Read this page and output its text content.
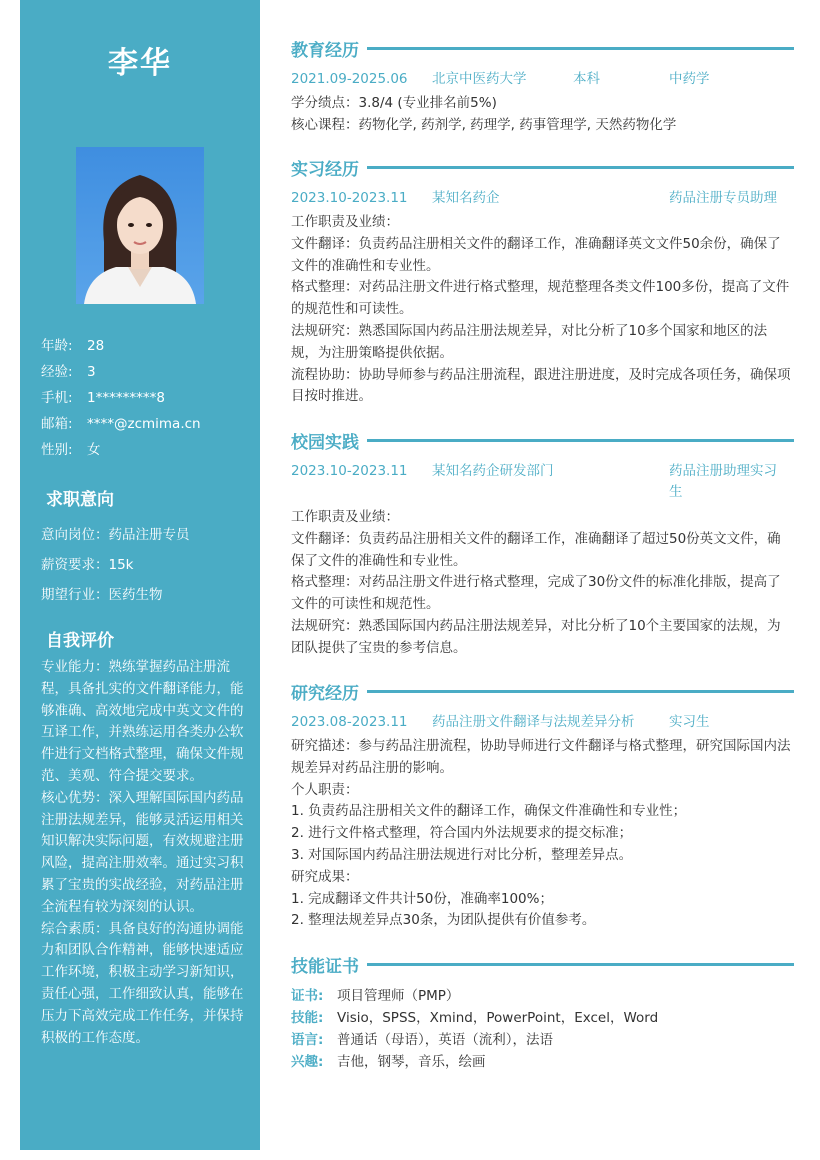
李华
年龄: 28
经验: 3
手机: 1*********8
邮箱: ****@zcmima.cn
性别: 女
求职意向
意向岗位：药品注册专员
薪资要求：15k
期望行业：医药生物
自我评价

专业能力：熟练掌握药品注册流程，具备扎实的文件翻译能力，能够准确、高效地完成中英文文件的互译工作，并熟练运用各类办公软件进行文档格式整理，确保文件规范、美观、符合提交要求。

核心优势：深入理解国际国内药品注册法规差异，能够灵活运用相关知识解决实际问题，有效规避注册风险，提高注册效率。通过实习积累了宝贵的实战经验，对药品注册全流程有较为深刻的认识。

综合素质：具备良好的沟通协调能力和团队合作精神，能够快速适应工作环境，积极主动学习新知识，责任心强，工作细致认真，能够在压力下高效完成工作任务，并保持积极的工作态度。

教育经历
2021.09-2025.06 北京中医药大学	本科	中药学

学分绩点：3.8/4 (专业排名前5%)

核心课程：药物化学, 药剂学, 药理学, 药事管理学, 天然药物化学

实习经历
2023.10-2023.11 某知名药企	药品注册专员助理

工作职责及业绩：

文件翻译：负责药品注册相关文件的翻译工作，准确翻译英文文件50余份，确保了文件的准确性和专业性。

格式整理：对药品注册文件进行格式整理，规范整理各类文件100多份，提高了文件的规范性和可读性。

法规研究：熟悉国际国内药品注册法规差异，对比分析了10多个国家和地区的法规，为注册策略提供依据。

流程协助：协助导师参与药品注册流程，跟进注册进度，及时完成各项任务，确保项目按时推进。

校园实践
2023.10-2023.11 某知名药企研发部门	药品注册助理实习生

工作职责及业绩：

文件翻译：负责药品注册相关文件的翻译工作，准确翻译了超过50份英文文件，确保了文件的准确性和专业性。

格式整理：对药品注册文件进行格式整理，完成了30份文件的标准化排版，提高了文件的可读性和规范性。

法规研究：熟悉国际国内药品注册法规差异，对比分析了10个主要国家的法规，为团队提供了宝贵的参考信息。

研究经历
2023.08-2023.11 药品注册文件翻译与法规差异分析	实习生

研究描述：参与药品注册流程，协助导师进行文件翻译与格式整理，研究国际国内法规差异对药品注册的影响。

个人职责：

1. 负责药品注册相关文件的翻译工作，确保文件准确性和专业性；

2. 进行文件格式整理，符合国内外法规要求的提交标准；

3. 对国际国内药品注册法规进行对比分析，整理差异点。

研究成果：

1. 完成翻译文件共计50份，准确率100%；

2. 整理法规差异点30条，为团队提供有价值参考。

技能证书
证书: 项目管理师（PMP）
技能: Visio，SPSS，Xmind，PowerPoint，Excel，Word
语言: 普通话（母语），英语（流利），法语
兴趣: 吉他，钢琴，音乐，绘画
